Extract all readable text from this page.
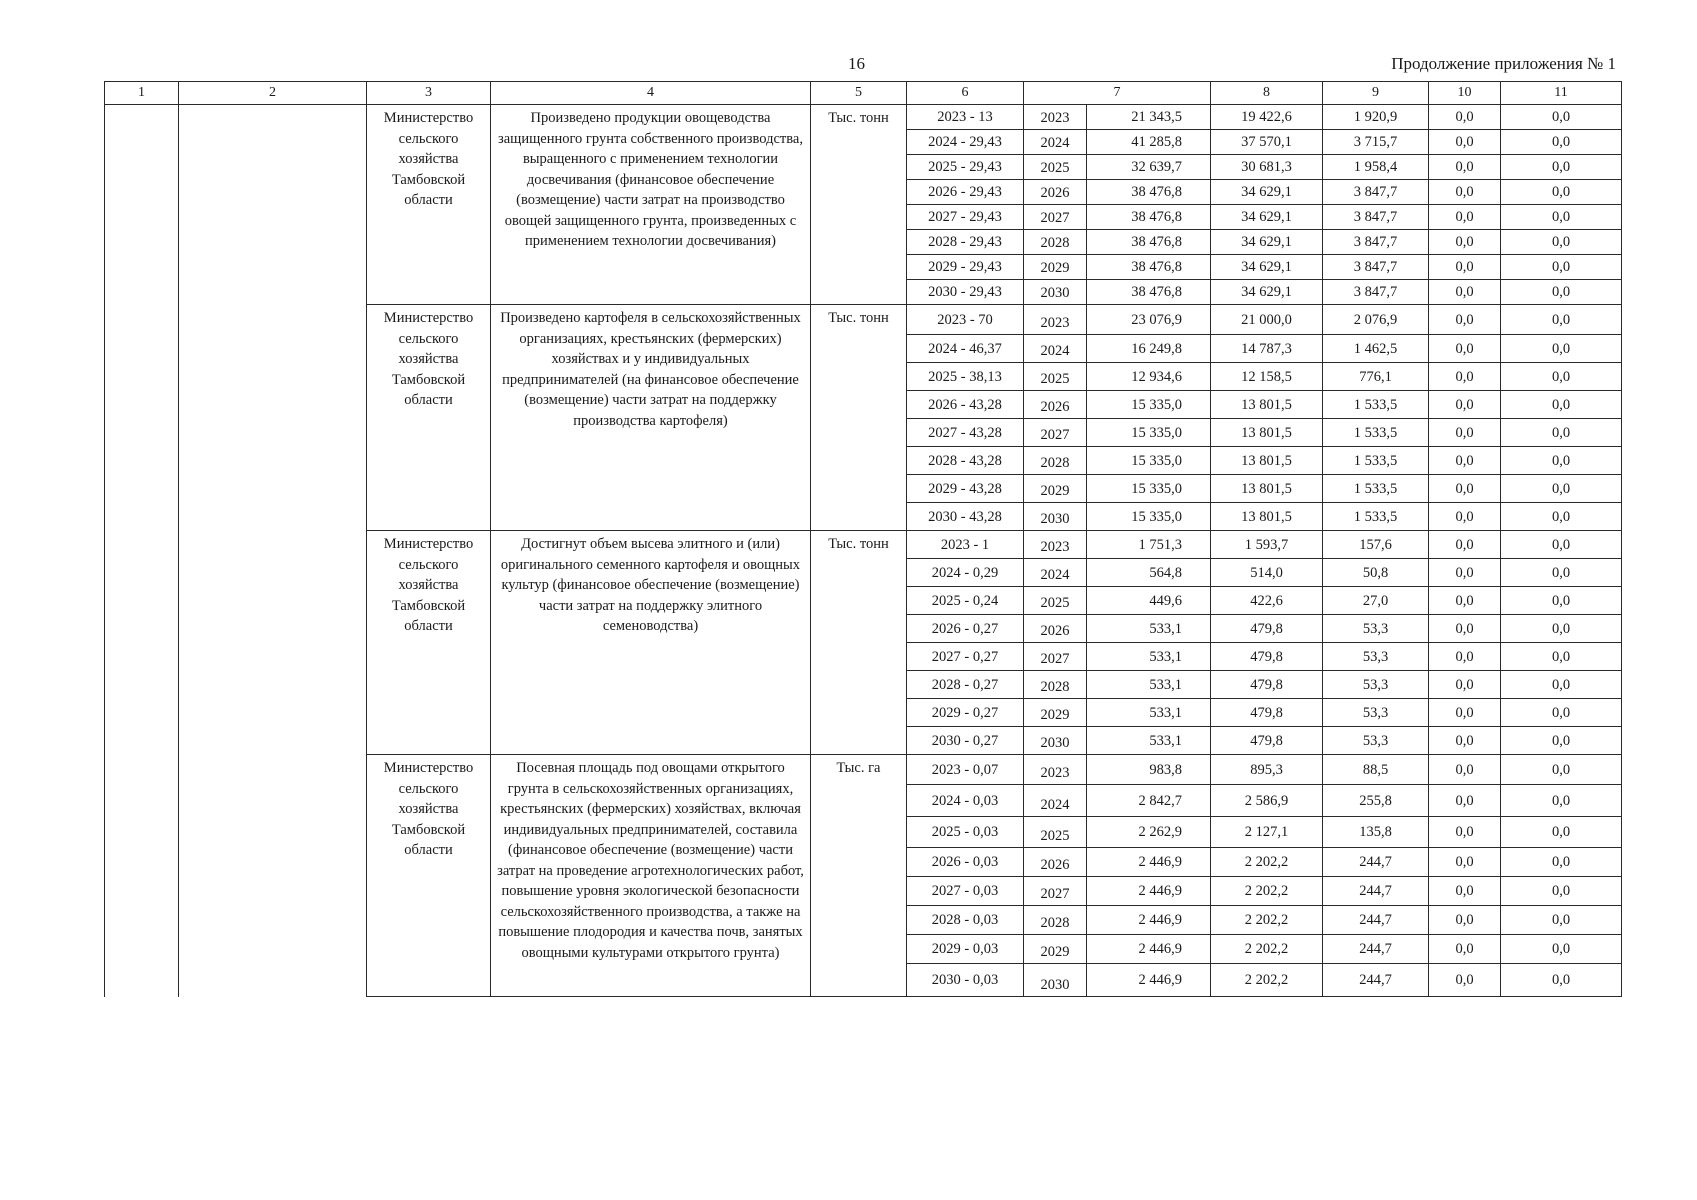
16	Продолжение приложения № 1
1	2	3	4	5	6	7		8	9	10	11
		Министерство сельского хозяйства Тамбовской области	Произведено продукции овощеводства защищенного грунта собственного производства, выращенного с применением технологии досвечивания (финансовое обеспечение (возмещение) части затрат на производство овощей защищенного грунта, произведенных с применением технологии досвечивания)	Тыс. тонн	2023 - 13	2023	21 343,5	19 422,6	1 920,9	0,0	0,0
					2024 - 29,43	2024	41 285,8	37 570,1	3 715,7	0,0	0,0
					2025 - 29,43	2025	32 639,7	30 681,3	1 958,4	0,0	0,0
					2026 - 29,43	2026	38 476,8	34 629,1	3 847,7	0,0	0,0
					2027 - 29,43	2027	38 476,8	34 629,1	3 847,7	0,0	0,0
					2028 - 29,43	2028	38 476,8	34 629,1	3 847,7	0,0	0,0
					2029 - 29,43	2029	38 476,8	34 629,1	3 847,7	0,0	0,0
					2030 - 29,43	2030	38 476,8	34 629,1	3 847,7	0,0	0,0
		Министерство сельского хозяйства Тамбовской области	Произведено картофеля в сельскохозяйственных организациях, крестьянских (фермерских) хозяйствах и у индивидуальных предпринимателей (на финансовое обеспечение (возмещение) части затрат на поддержку производства картофеля)	Тыс. тонн	2023 - 70	2023	23 076,9	21 000,0	2 076,9	0,0	0,0
					2024 - 46,37	2024	16 249,8	14 787,3	1 462,5	0,0	0,0
					2025 - 38,13	2025	12 934,6	12 158,5	776,1	0,0	0,0
					2026 - 43,28	2026	15 335,0	13 801,5	1 533,5	0,0	0,0
					2027 - 43,28	2027	15 335,0	13 801,5	1 533,5	0,0	0,0
					2028 - 43,28	2028	15 335,0	13 801,5	1 533,5	0,0	0,0
					2029 - 43,28	2029	15 335,0	13 801,5	1 533,5	0,0	0,0
					2030 - 43,28	2030	15 335,0	13 801,5	1 533,5	0,0	0,0
		Министерство сельского хозяйства Тамбовской области	Достигнут объем высева элитного и (или) оригинального семенного картофеля и овощных культур (финансовое обеспечение (возмещение) части затрат на поддержку элитного семеноводства)	Тыс. тонн	2023 - 1	2023	1 751,3	1 593,7	157,6	0,0	0,0
					2024 - 0,29	2024	564,8	514,0	50,8	0,0	0,0
					2025 - 0,24	2025	449,6	422,6	27,0	0,0	0,0
					2026 - 0,27	2026	533,1	479,8	53,3	0,0	0,0
					2027 - 0,27	2027	533,1	479,8	53,3	0,0	0,0
					2028 - 0,27	2028	533,1	479,8	53,3	0,0	0,0
					2029 - 0,27	2029	533,1	479,8	53,3	0,0	0,0
					2030 - 0,27	2030	533,1	479,8	53,3	0,0	0,0
		Министерство сельского хозяйства Тамбовской области	Посевная площадь под овощами открытого грунта в сельскохозяйственных организациях, крестьянских (фермерских) хозяйствах, включая индивидуальных предпринимателей, составила (финансовое обеспечение (возмещение) части затрат на проведение агротехнологических работ, повышение уровня экологической безопасности сельскохозяйственного производства, а также на повышение плодородия и качества почв, занятых овощными культурами открытого грунта)	Тыс. га	2023 - 0,07	2023	983,8	895,3	88,5	0,0	0,0
					2024 - 0,03	2024	2 842,7	2 586,9	255,8	0,0	0,0
					2025 - 0,03	2025	2 262,9	2 127,1	135,8	0,0	0,0
					2026 - 0,03	2026	2 446,9	2 202,2	244,7	0,0	0,0
					2027 - 0,03	2027	2 446,9	2 202,2	244,7	0,0	0,0
					2028 - 0,03	2028	2 446,9	2 202,2	244,7	0,0	0,0
					2029 - 0,03	2029	2 446,9	2 202,2	244,7	0,0	0,0
					2030 - 0,03	2030	2 446,9	2 202,2	244,7	0,0	0,0
